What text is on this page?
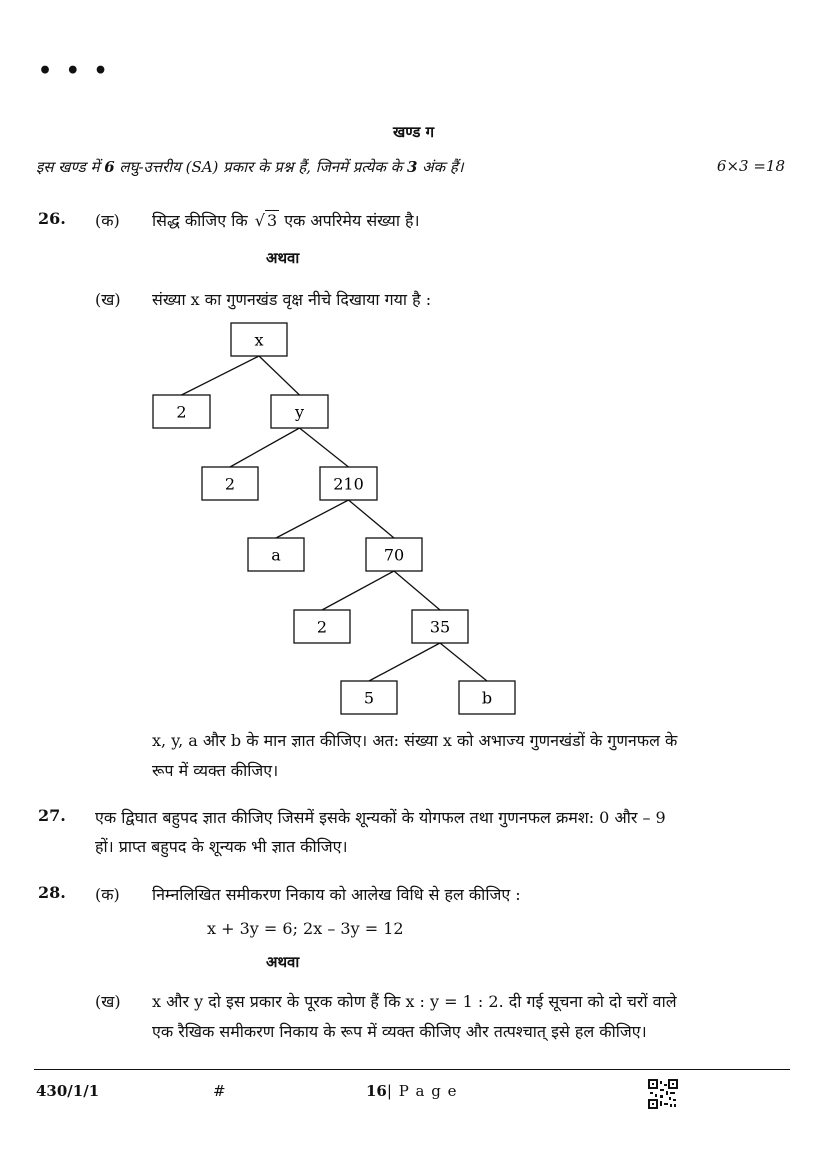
• • •
खण्ड ग
इस खण्ड में 6 लघु-उत्तरीय (SA) प्रकार के प्रश्न हैं, जिनमें प्रत्येक के 3 अंक हैं।	6×3 =18
26. (क) सिद्ध कीजिए कि √ 3 एक अपरिमेय संख्या है।
अथवा
(ख) संख्या x का गुणनखंड वृक्ष नीचे दिखाया गया है :
x
2	y
2	210
a	70
2	35
5	b
x, y, a और b के मान ज्ञात कीजिए। अत: संख्या x को अभाज्य गुणनखंडों के गुणनफल के
रूप में व्यक्त कीजिए।
27. एक द्विघात बहुपद ज्ञात कीजिए जिसमें इसके शून्यकों के योगफल तथा गुणनफल क्रमश: 0 और – 9
हों। प्राप्त बहुपद के शून्यक भी ज्ञात कीजिए।
28. (क) निम्नलिखित समीकरण निकाय को आलेख विधि से हल कीजिए :
x + 3y = 6; 2x – 3y = 12
अथवा
(ख) x और y दो इस प्रकार के पूरक कोण हैं कि x : y = 1 : 2. दी गई सूचना को दो चरों वाले
एक रैखिक समीकरण निकाय के रूप में व्यक्त कीजिए और तत्पश्चात् इसे हल कीजिए।
430/1/1	#	16| P a g e
